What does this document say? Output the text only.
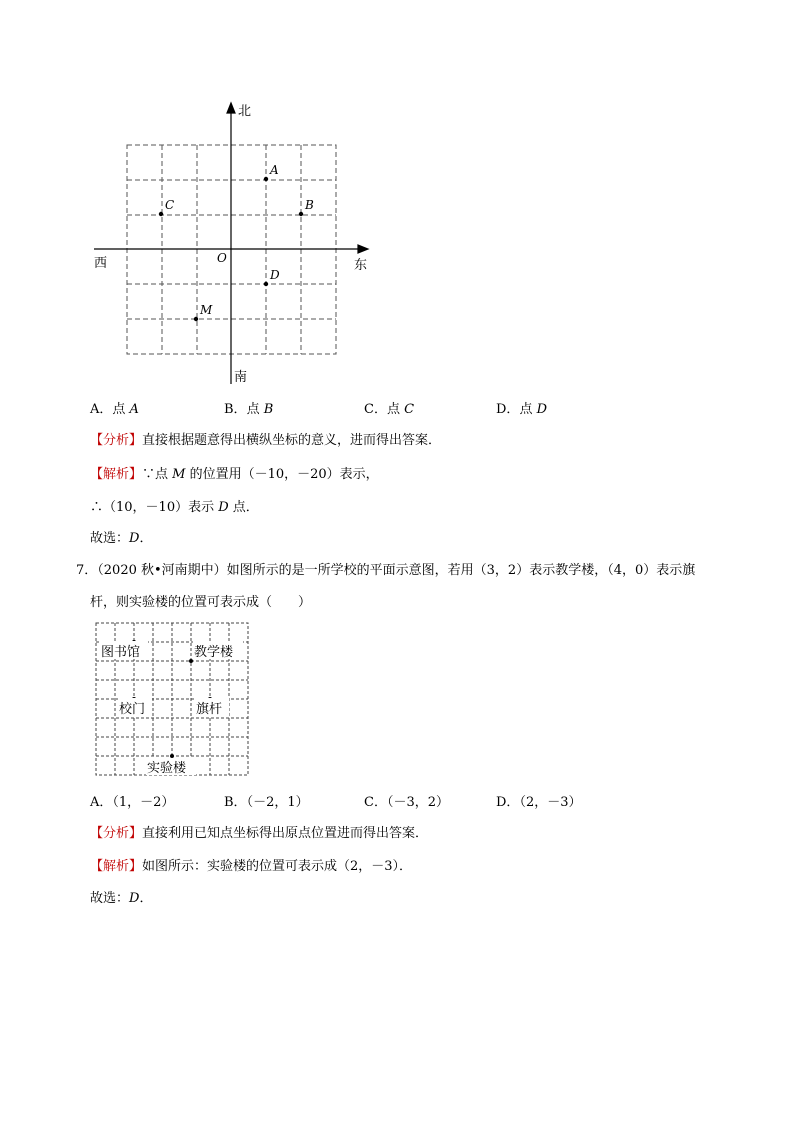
A
B
C
D
M
北
南
西	东
O
A．点 A	B．点 B	C．点 C	D．点 D
【分析】直接根据题意得出横纵坐标的意义，进而得出答案．
【解析】∵点 M 的位置用（－10，－20）表示，
∴（10，－10）表示 D 点．
故选：D．
7．（2020 秋•河南期中）如图所示的是一所学校的平面示意图，若用（3，2）表示教学楼，（4，0）表示旗
杆，则实验楼的位置可表示成（　　）
图书馆	教学楼
校门	旗杆
实验楼
A．（1，－2）	B．（－2，1）	C．（－3，2）	D．（2，－3）
【分析】直接利用已知点坐标得出原点位置进而得出答案．
【解析】如图所示：实验楼的位置可表示成（2，－3）．
故选：D．
